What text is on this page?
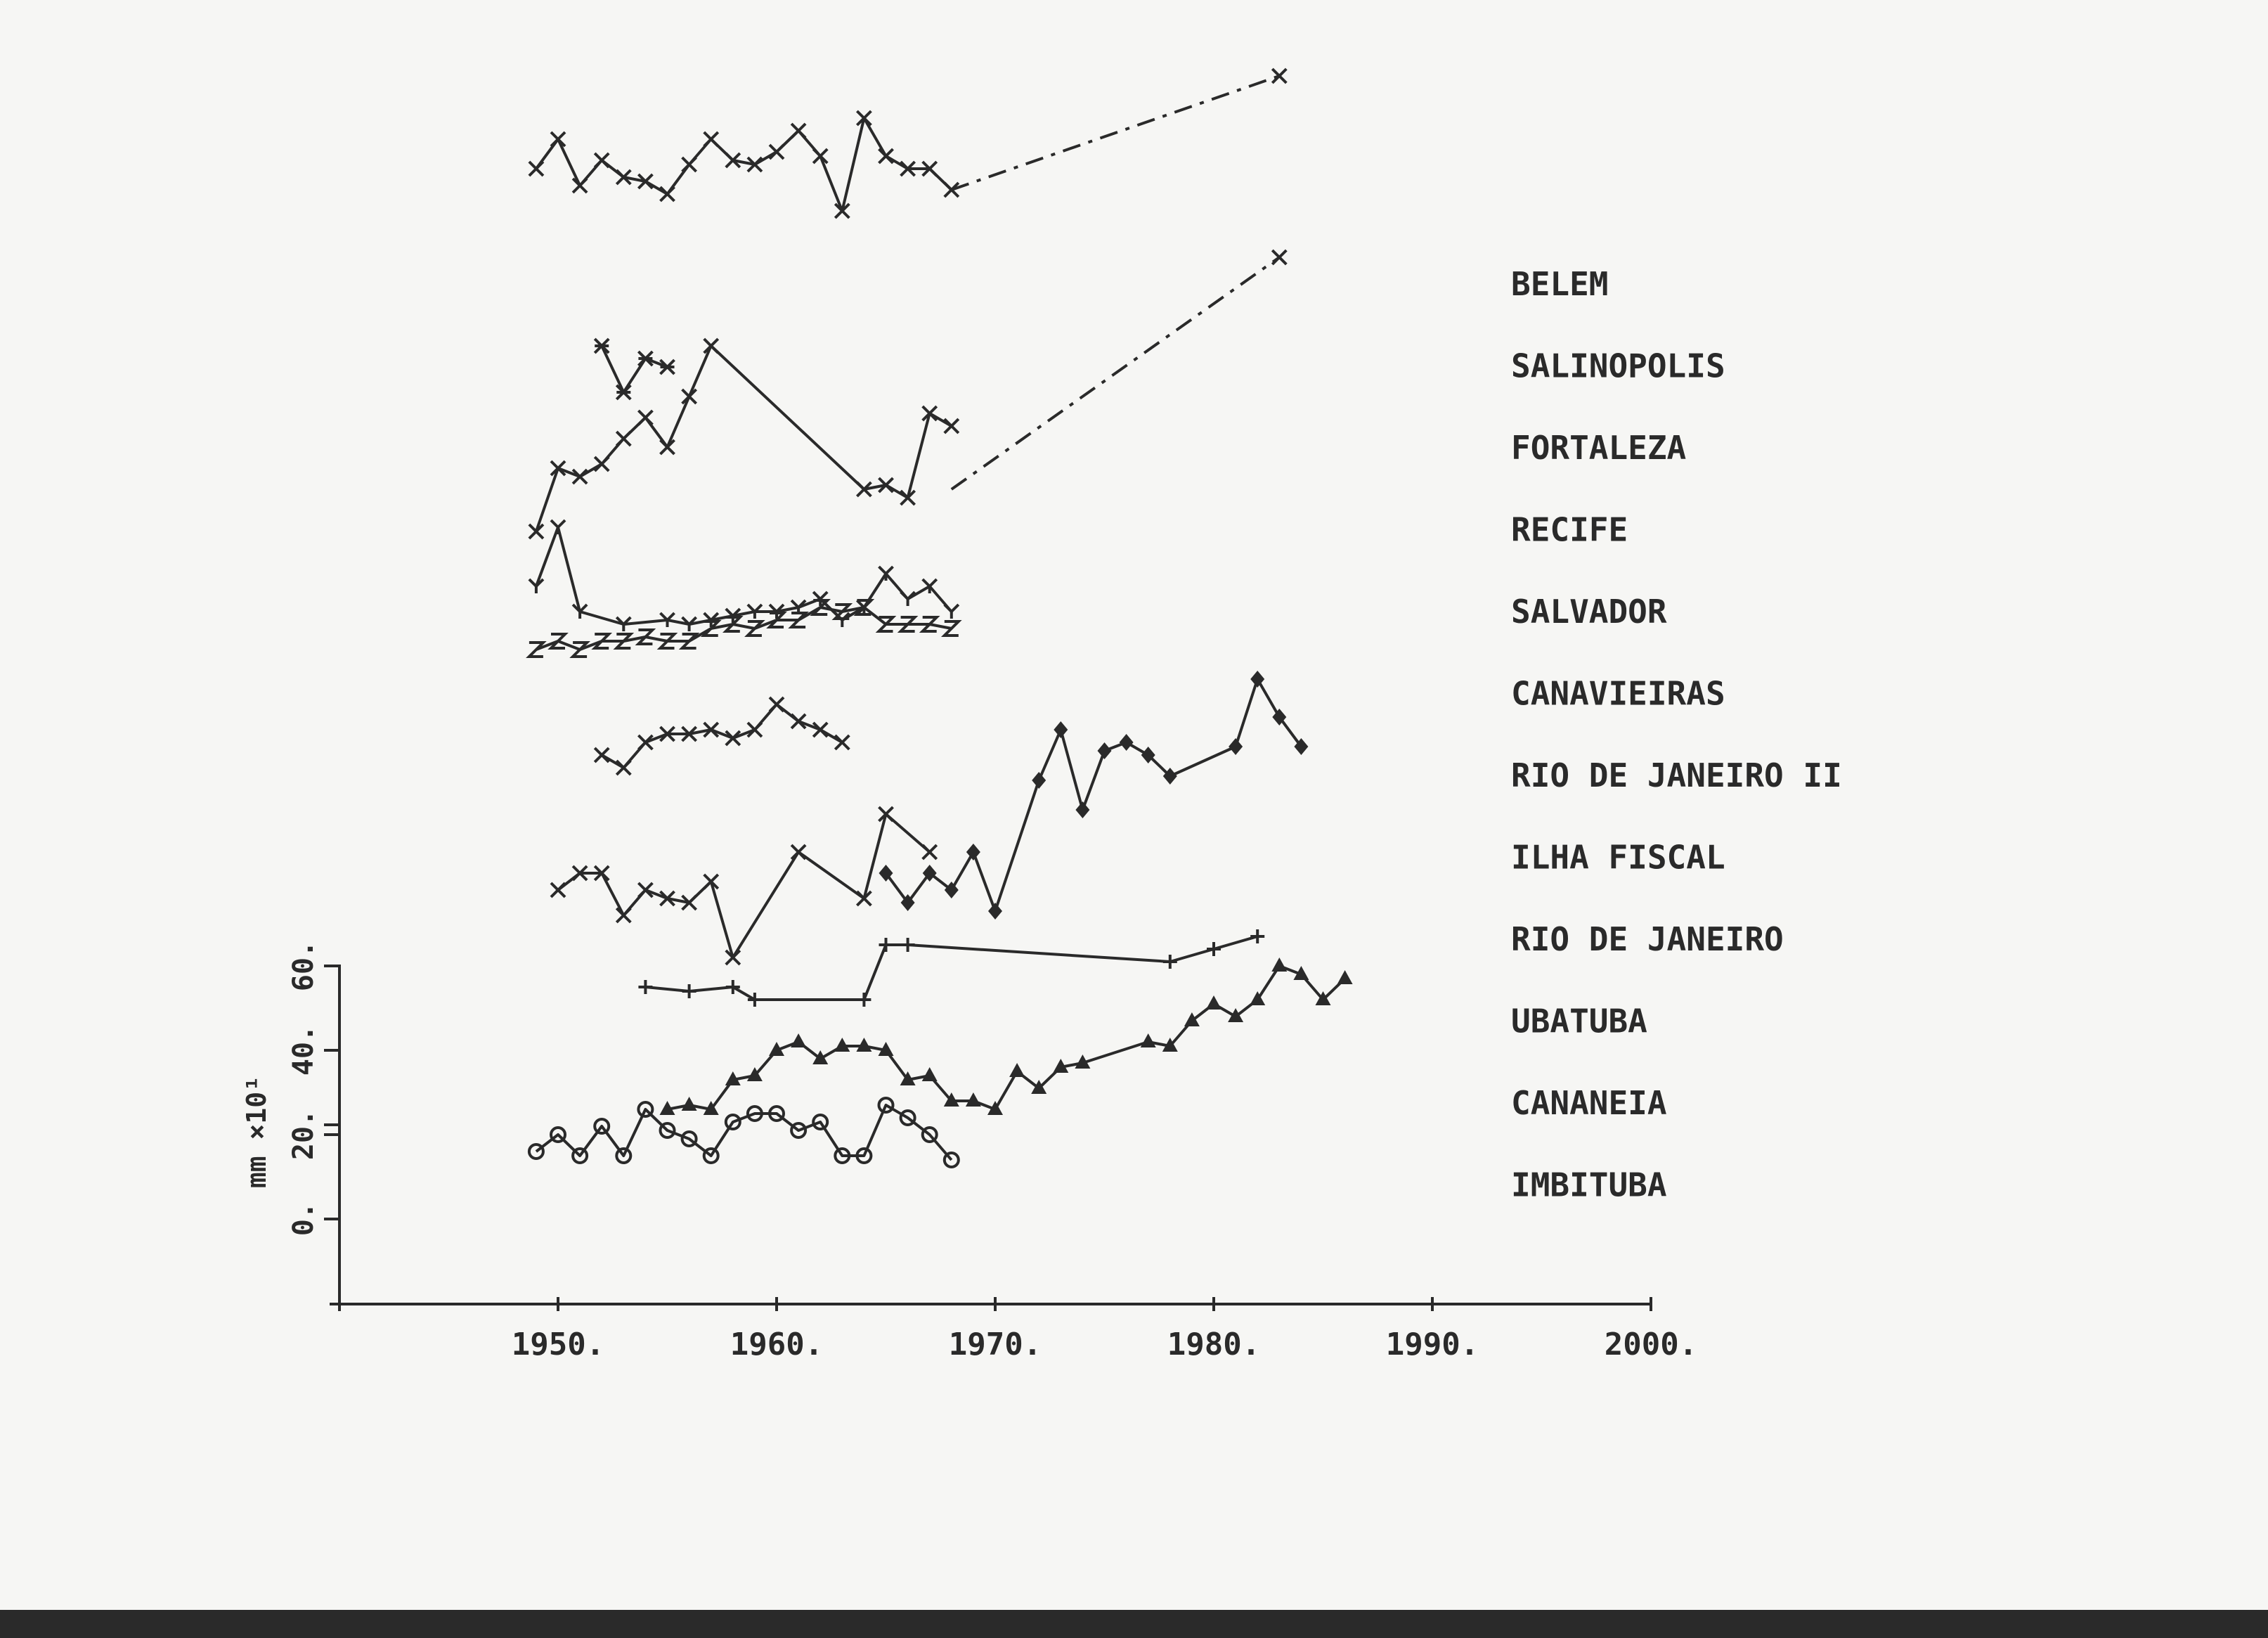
1950.	1960.	1970.	1980.	1990.	2000.
0.
20.
40.
60.
mm ×10¹
BELEM
SALINOPOLIS
FORTALEZA
RECIFE
SALVADOR
CANAVIEIRAS
RIO DE JANEIRO II
ILHA FISCAL
RIO DE JANEIRO
UBATUBA
CANANEIA
IMBITUBA
